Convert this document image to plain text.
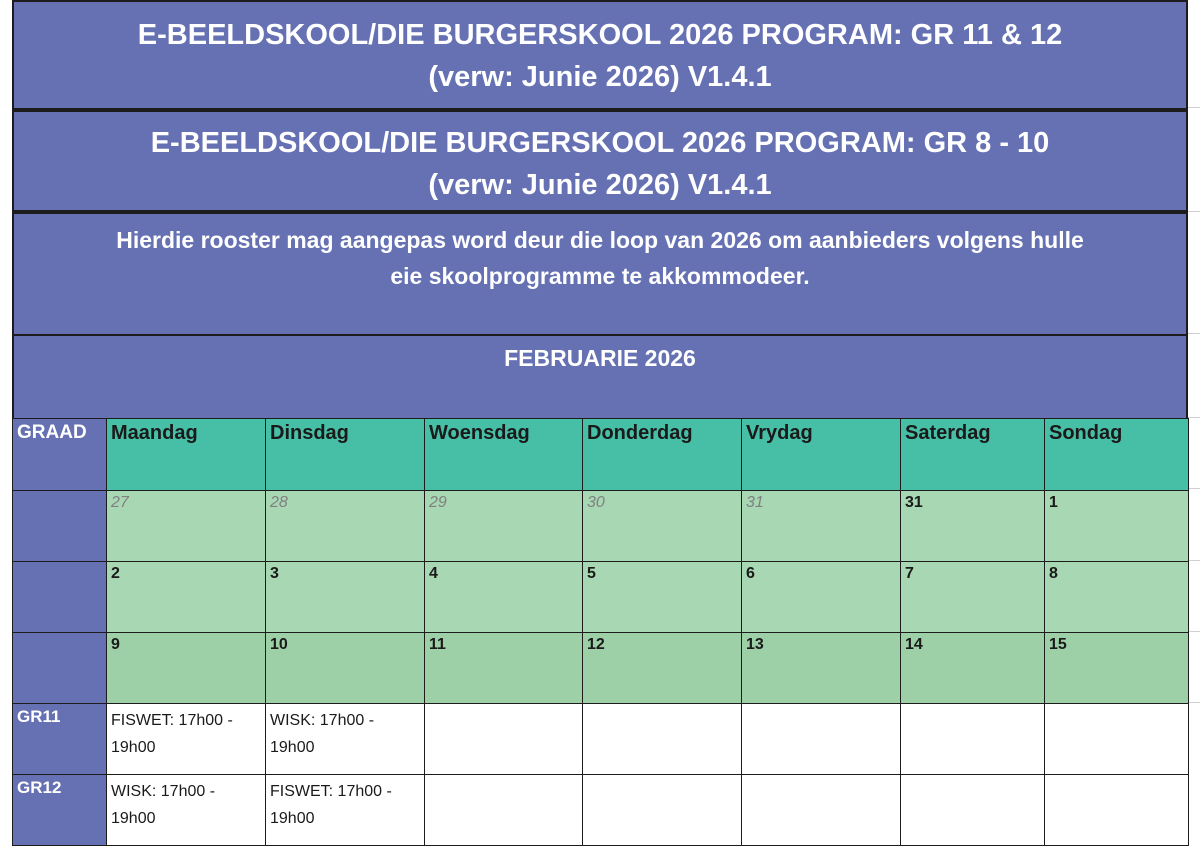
E-BEELDSKOOL/DIE BURGERSKOOL 2026 PROGRAM: GR 11 & 12

(verw: Junie 2026) V1.4.1

E-BEELDSKOOL/DIE BURGERSKOOL 2026 PROGRAM: GR 8 - 10

(verw: Junie 2026) V1.4.1

Hierdie rooster mag aangepas word deur die loop van 2026 om aanbieders volgens hulle

eie skoolprogramme te akkommodeer.

FEBRUARIE 2026

GRAAD	Maandag	Dinsdag	Woensdag	Donderdag	Vrydag	Saterdag	Sondag
	27	28	29	30	31	31	1
	2	3	4	5	6	7	8
	9	10	11	12	13	14	15
GR11	FISWET: 17h00 - 19h00	WISK: 17h00 - 19h00					
GR12	WISK: 17h00 - 19h00	FISWET: 17h00 - 19h00					
